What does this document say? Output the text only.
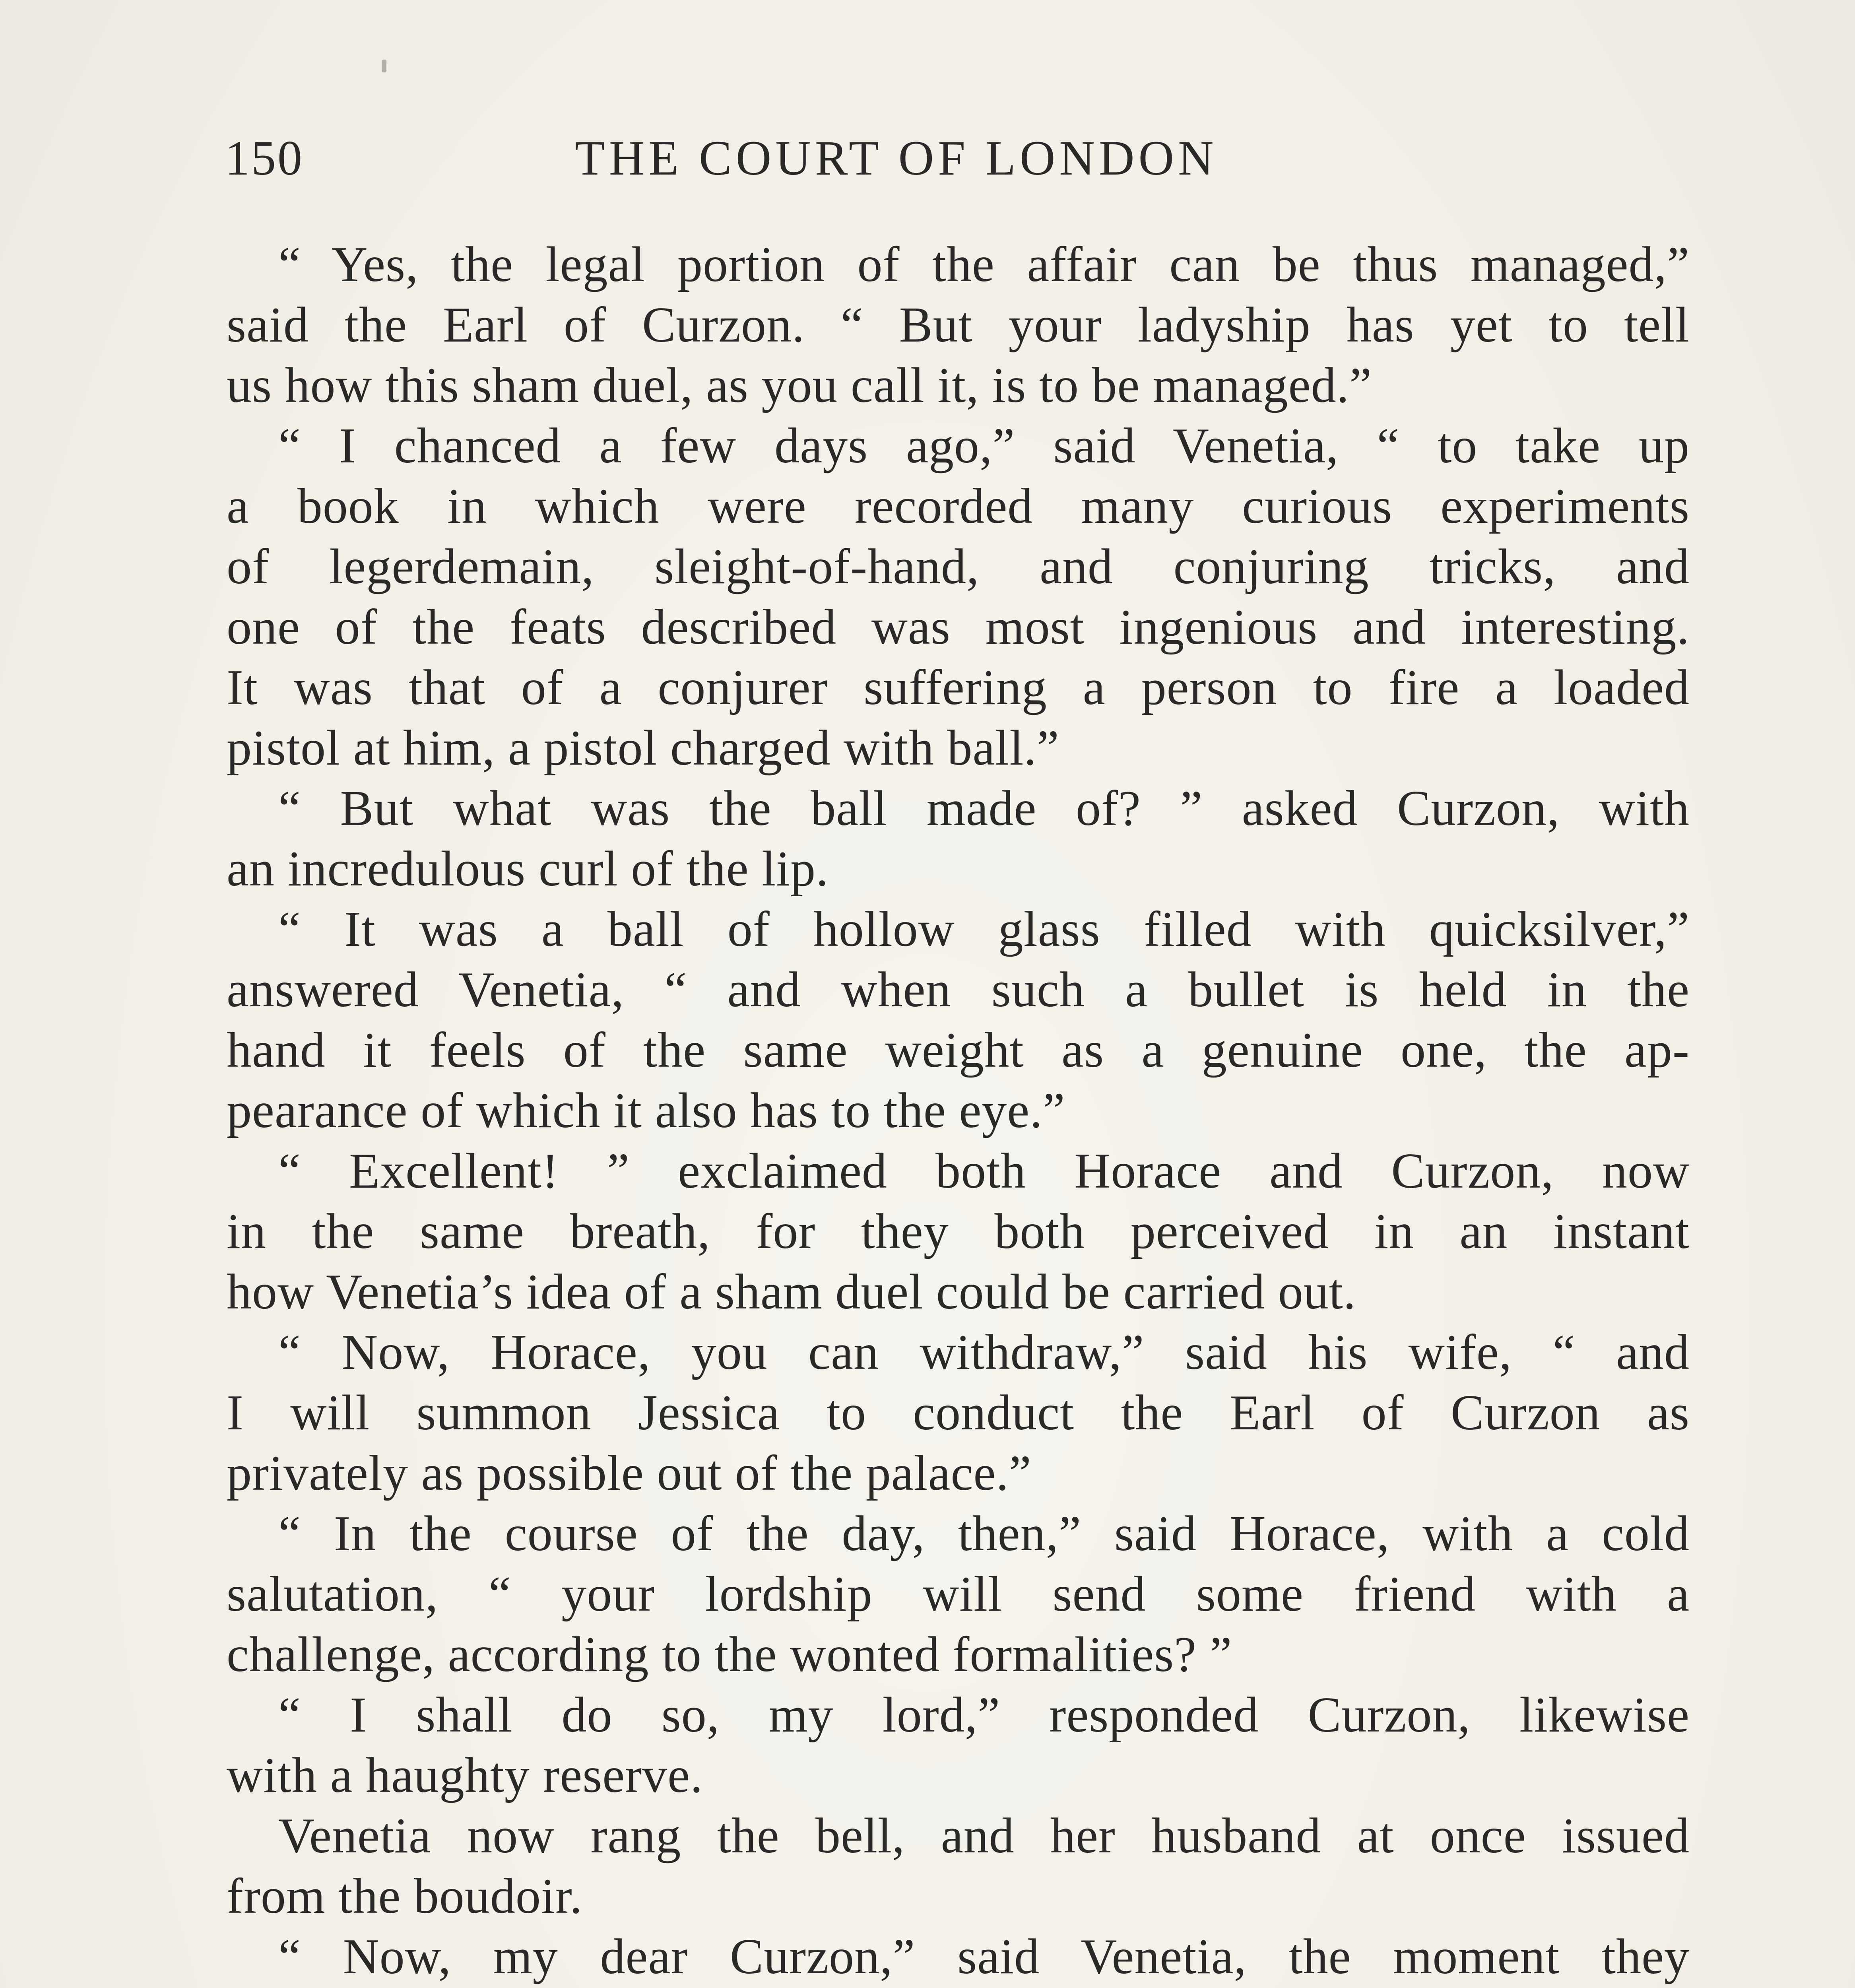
150	THE COURT OF LONDON
“ Yes, the legal portion of the affair can be thus managed,”
said the Earl of Curzon. “ But your ladyship has yet to tell
us how this sham duel, as you call it, is to be managed.”
“ I chanced a few days ago,” said Venetia, “ to take up
a book in which were recorded many curious experiments
of legerdemain, sleight-of-hand, and conjuring tricks, and
one of the feats described was most ingenious and interesting.
It was that of a conjurer suffering a person to fire a loaded
pistol at him, a pistol charged with ball.”
“ But what was the ball made of? ” asked Curzon, with
an incredulous curl of the lip.
“ It was a ball of hollow glass filled with quicksilver,”
answered Venetia, “ and when such a bullet is held in the
hand it feels of the same weight as a genuine one, the ap-
pearance of which it also has to the eye.”
“ Excellent! ” exclaimed both Horace and Curzon, now
in the same breath, for they both perceived in an instant
how Venetia’s idea of a sham duel could be carried out.
“ Now, Horace, you can withdraw,” said his wife, “ and
I will summon Jessica to conduct the Earl of Curzon as
privately as possible out of the palace.”
“ In the course of the day, then,” said Horace, with a cold
salutation, “ your lordship will send some friend with a
challenge, according to the wonted formalities? ”
“ I shall do so, my lord,” responded Curzon, likewise
with a haughty reserve.
Venetia now rang the bell, and her husband at once issued
from the boudoir.
“ Now, my dear Curzon,” said Venetia, the moment they
